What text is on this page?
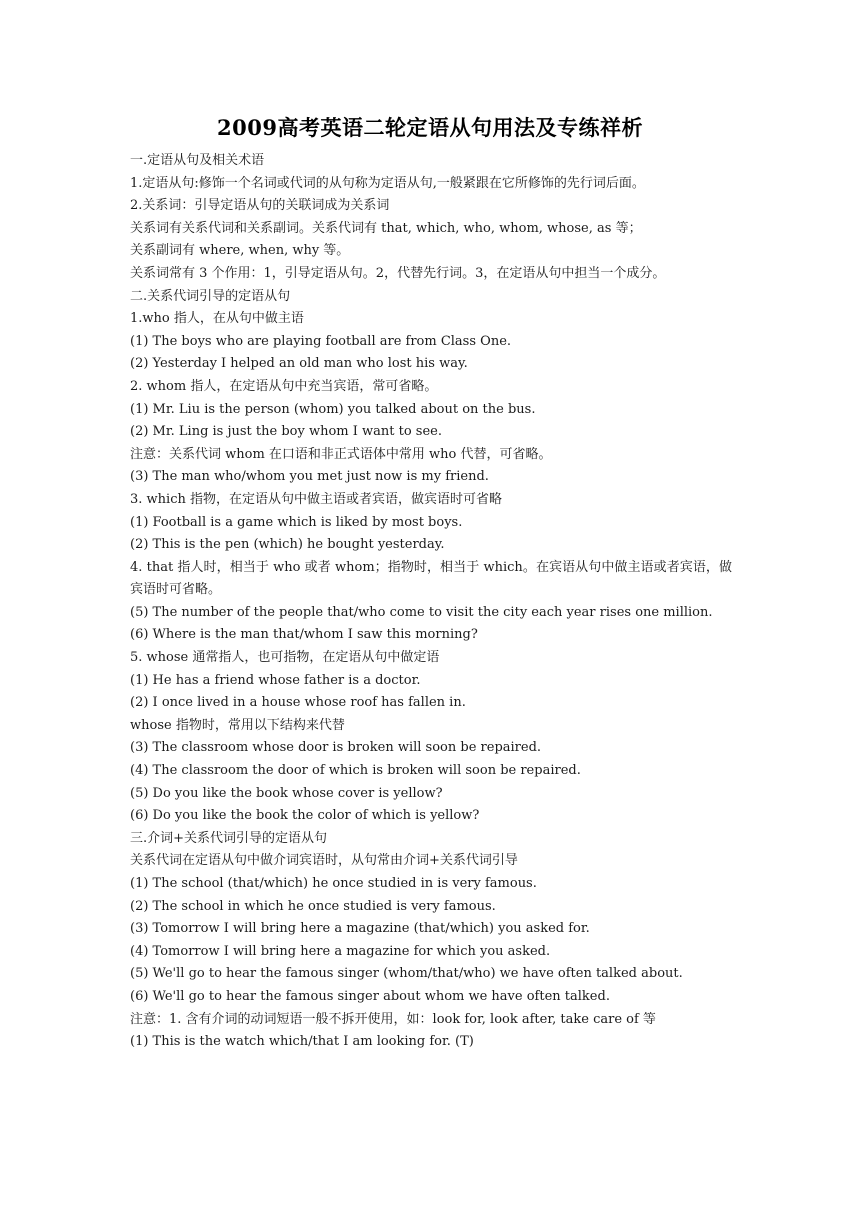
2009高考英语二轮定语从句用法及专练祥析
一.定语从句及相关术语
1.定语从句:修饰一个名词或代词的从句称为定语从句,一般紧跟在它所修饰的先行词后面。
2.关系词：引导定语从句的关联词成为关系词
关系词有关系代词和关系副词。关系代词有 that, which, who, whom, whose, as 等；
关系副词有 where, when, why 等。
关系词常有 3 个作用：1，引导定语从句。2，代替先行词。3，在定语从句中担当一个成分。
二.关系代词引导的定语从句
1.who 指人，在从句中做主语
(1) The boys who are playing football are from Class One.
(2) Yesterday I helped an old man who lost his way.
2. whom 指人，在定语从句中充当宾语，常可省略。
(1) Mr. Liu is the person (whom) you talked about on the bus.
(2) Mr. Ling is just the boy whom I want to see.
注意：关系代词 whom 在口语和非正式语体中常用 who 代替，可省略。
(3) The man who/whom you met just now is my friend.
3. which 指物，在定语从句中做主语或者宾语，做宾语时可省略
(1) Football is a game which is liked by most boys.
(2) This is the pen (which) he bought yesterday.
4. that 指人时，相当于 who 或者 whom；指物时，相当于 which。在宾语从句中做主语或者宾语，做宾语时可省略。
(5) The number of the people that/who come to visit the city each year rises one million.
(6) Where is the man that/whom I saw this morning?
5. whose 通常指人，也可指物，在定语从句中做定语
(1) He has a friend whose father is a doctor.
(2) I once lived in a house whose roof has fallen in.
whose 指物时，常用以下结构来代替
(3) The classroom whose door is broken will soon be repaired.
(4) The classroom the door of which is broken will soon be repaired.
(5) Do you like the book whose cover is yellow?
(6) Do you like the book the color of which is yellow?
三.介词+关系代词引导的定语从句
关系代词在定语从句中做介词宾语时，从句常由介词+关系代词引导
(1) The school (that/which) he once studied in is very famous.
(2) The school in which he once studied is very famous.
(3) Tomorrow I will bring here a magazine (that/which) you asked for.
(4) Tomorrow I will bring here a magazine for which you asked.
(5) We'll go to hear the famous singer (whom/that/who) we have often talked about.
(6) We'll go to hear the famous singer about whom we have often talked.
注意：1. 含有介词的动词短语一般不拆开使用，如：look for, look after, take care of 等
(1) This is the watch which/that I am looking for. (T)
